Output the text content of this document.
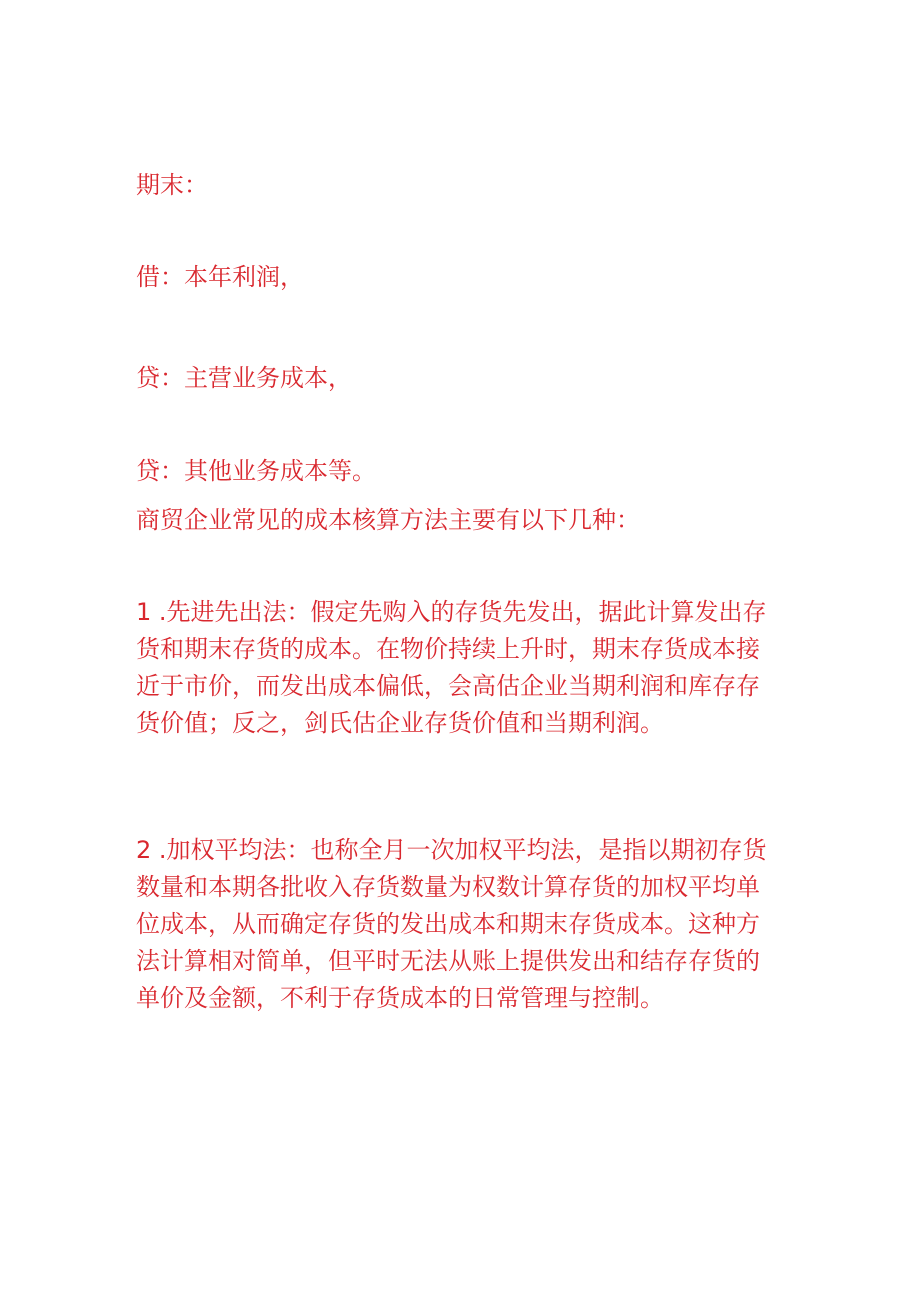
期末：
借：本年利润，
贷：主营业务成本，
贷：其他业务成本等。
商贸企业常见的成本核算方法主要有以下几种：
1 .先进先出法：假定先购入的存货先发出，据此计算发出存
货和期末存货的成本。在物价持续上升时，期末存货成本接
近于市价，而发出成本偏低，会高估企业当期利润和库存存
货价值；反之，剑氏估企业存货价值和当期利润。
2 .加权平均法：也称全月一次加权平均法，是指以期初存货
数量和本期各批收入存货数量为权数计算存货的加权平均单
位成本，从而确定存货的发出成本和期末存货成本。这种方
法计算相对简单，但平时无法从账上提供发出和结存存货的
单价及金额，不利于存货成本的日常管理与控制。
